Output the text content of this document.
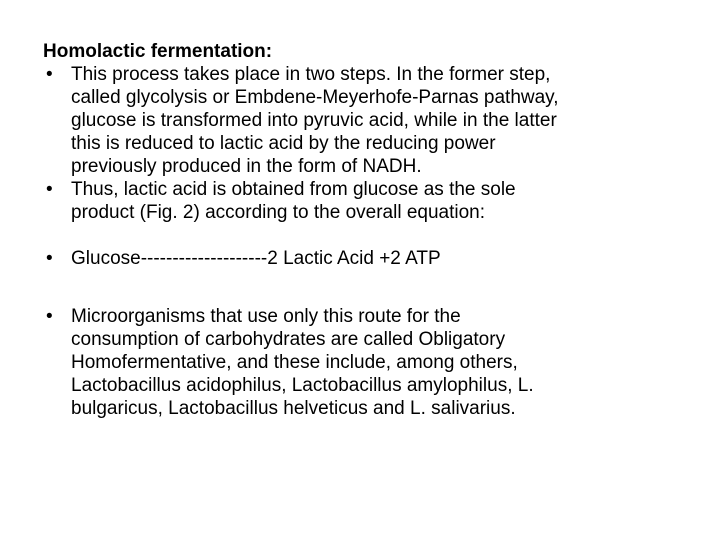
Homolactic fermentation:
• This process takes place in two steps. In the former step,
called glycolysis or Embdene-Meyerhofe-Parnas pathway,
glucose is transformed into pyruvic acid, while in the latter
this is reduced to lactic acid by the reducing power
previously produced in the form of NADH.
• Thus, lactic acid is obtained from glucose as the sole
product (Fig. 2) according to the overall equation:
• Glucose--------------------2 Lactic Acid +2 ATP
• Microorganisms that use only this route for the
consumption of carbohydrates are called Obligatory
Homofermentative, and these include, among others,
Lactobacillus acidophilus, Lactobacillus amylophilus, L.
bulgaricus, Lactobacillus helveticus and L. salivarius.
